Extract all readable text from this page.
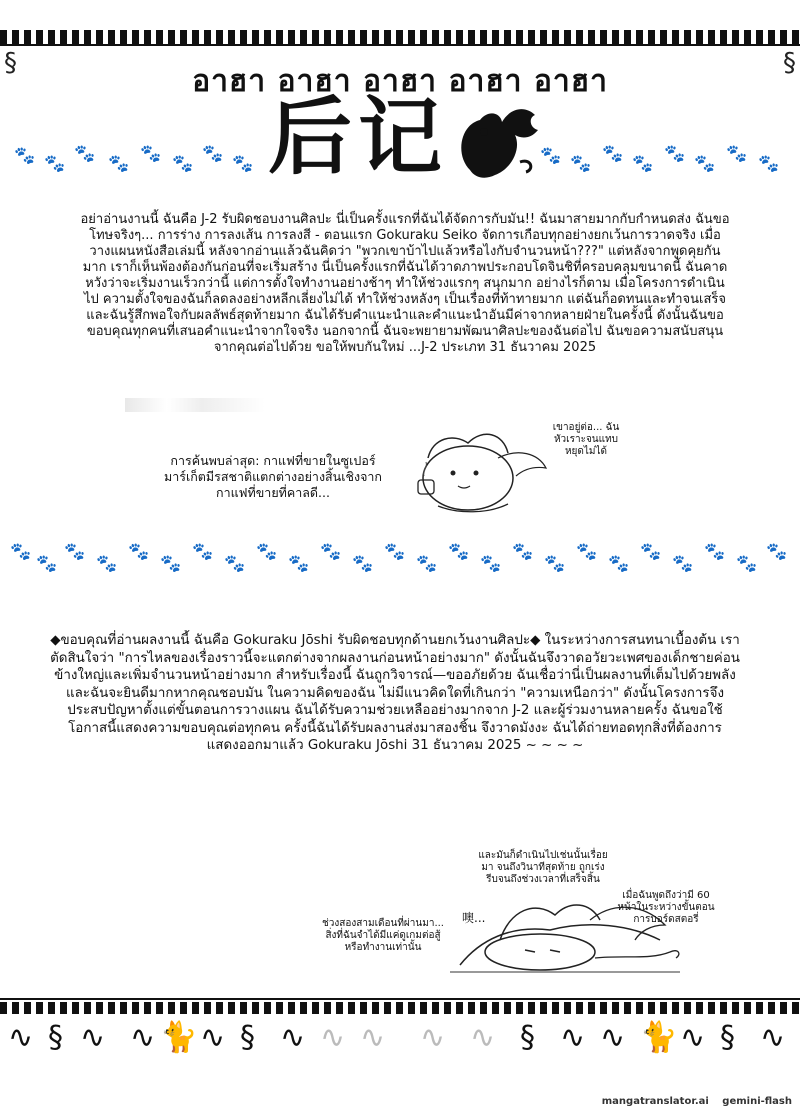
§	§
อาฮา อาฮา อาฮา อาฮา อาฮา
后记
🐾 🐾 🐾 🐾 🐾 🐾 🐾 🐾	🐾 🐾 🐾 🐾 🐾 🐾 🐾 🐾
อย่าอ่านงานนี้ ฉันคือ J-2 รับผิดชอบงานศิลปะ นี่เป็นครั้งแรกที่ฉันได้จัดการกับมัน!! ฉันมาสายมากกับกำหนดส่ง ฉันขอโทษจริงๆ... การร่าง การลงเส้น การลงสี - ตอนแรก Gokuraku Seiko จัดการเกือบทุกอย่างยกเว้นการวาดจริง เมื่อวางแผนหนังสือเล่มนี้ หลังจากอ่านแล้วฉันคิดว่า "พวกเขาบ้าไปแล้วหรือไงกับจำนวนหน้า???" แต่หลังจากพูดคุยกันมาก เราก็เห็นพ้องต้องกันก่อนที่จะเริ่มสร้าง นี่เป็นครั้งแรกที่ฉันได้วาดภาพประกอบโดจินชิที่ครอบคลุมขนาดนี้ ฉันคาดหวังว่าจะเริ่มงานเร็วกว่านี้ แต่การตั้งใจทำงานอย่างช้าๆ ทำให้ช่วงแรกๆ สนุกมาก อย่างไรก็ตาม เมื่อโครงการดำเนินไป ความตั้งใจของฉันก็ลดลงอย่างหลีกเลี่ยงไม่ได้ ทำให้ช่วงหลังๆ เป็นเรื่องที่ท้าทายมาก แต่ฉันก็อดทนและทำจนเสร็จ และฉันรู้สึกพอใจกับผลลัพธ์สุดท้ายมาก ฉันได้รับคำแนะนำและคำแนะนำอันมีค่าจากหลายฝ่ายในครั้งนี้ ดังนั้นฉันขอขอบคุณทุกคนที่เสนอคำแนะนำจากใจจริง นอกจากนี้ ฉันจะพยายามพัฒนาศิลปะของฉันต่อไป ฉันขอความสนับสนุนจากคุณต่อไปด้วย ขอให้พบกันใหม่ ...J-2 ประเภท 31 ธันวาคม 2025
การค้นพบล่าสุด: กาแฟที่ขายในซูเปอร์มาร์เก็ตมีรสชาติแตกต่างอย่างสิ้นเชิงจากกาแฟที่ขายที่คาลดี...
เขาอยู่ต่อ... ฉันหัวเราะจนแทบหยุดไม่ได้
🐾
🐾
🐾
🐾
🐾
🐾
🐾
🐾
🐾
🐾
🐾
🐾
🐾
🐾
🐾
🐾
🐾
🐾
🐾
🐾
🐾
🐾
🐾
🐾
🐾
◆ขอบคุณที่อ่านผลงานนี้ ฉันคือ Gokuraku Jōshi รับผิดชอบทุกด้านยกเว้นงานศิลปะ◆ ในระหว่างการสนทนาเบื้องต้น เราตัดสินใจว่า "การไหลของเรื่องราวนี้จะแตกต่างจากผลงานก่อนหน้าอย่างมาก" ดังนั้นฉันจึงวาดอวัยวะเพศของเด็กชายค่อนข้างใหญ่และเพิ่มจำนวนหน้าอย่างมาก สำหรับเรื่องนี้ ฉันถูกวิจารณ์—ขออภัยด้วย ฉันเชื่อว่านี่เป็นผลงานที่เต็มไปด้วยพลัง และฉันจะยินดีมากหากคุณชอบมัน ในความคิดของฉัน ไม่มีแนวคิดใดที่เกินกว่า "ความเหนือกว่า" ดังนั้นโครงการจึงประสบปัญหาตั้งแต่ขั้นตอนการวางแผน ฉันได้รับความช่วยเหลืออย่างมากจาก J-2 และผู้ร่วมงานหลายครั้ง ฉันขอใช้โอกาสนี้แสดงความขอบคุณต่อทุกคน ครั้งนี้ฉันได้รับผลงานส่งมาสองชิ้น จึงวาดมังงะ ฉันได้ถ่ายทอดทุกสิ่งที่ต้องการแสดงออกมาแล้ว Gokuraku Jōshi 31 ธันวาคม 2025 ~ ~ ~ ~
และมันก็ดำเนินไปเช่นนั้นเรื่อยมา จนถึงวินาทีสุดท้าย ถูกเร่งรีบจนถึงช่วงเวลาที่เสร็จสิ้น
เมื่อฉันพูดถึงว่ามี 60 หน้าในระหว่างขั้นตอนการบอร์ดสตอรี่
ช่วงสองสามเดือนที่ผ่านมา... สิ่งที่ฉันจำได้มีแค่ดูเกมต่อสู้หรือทำงานเท่านั้น
噢...
∿ § ∿ ∿ 🐈 ∿ § ∿ ∿ ∿ ∿ ∿ § ∿ ∿ 🐈 ∿ § ∿
mangatranslator.ai gemini-flash
